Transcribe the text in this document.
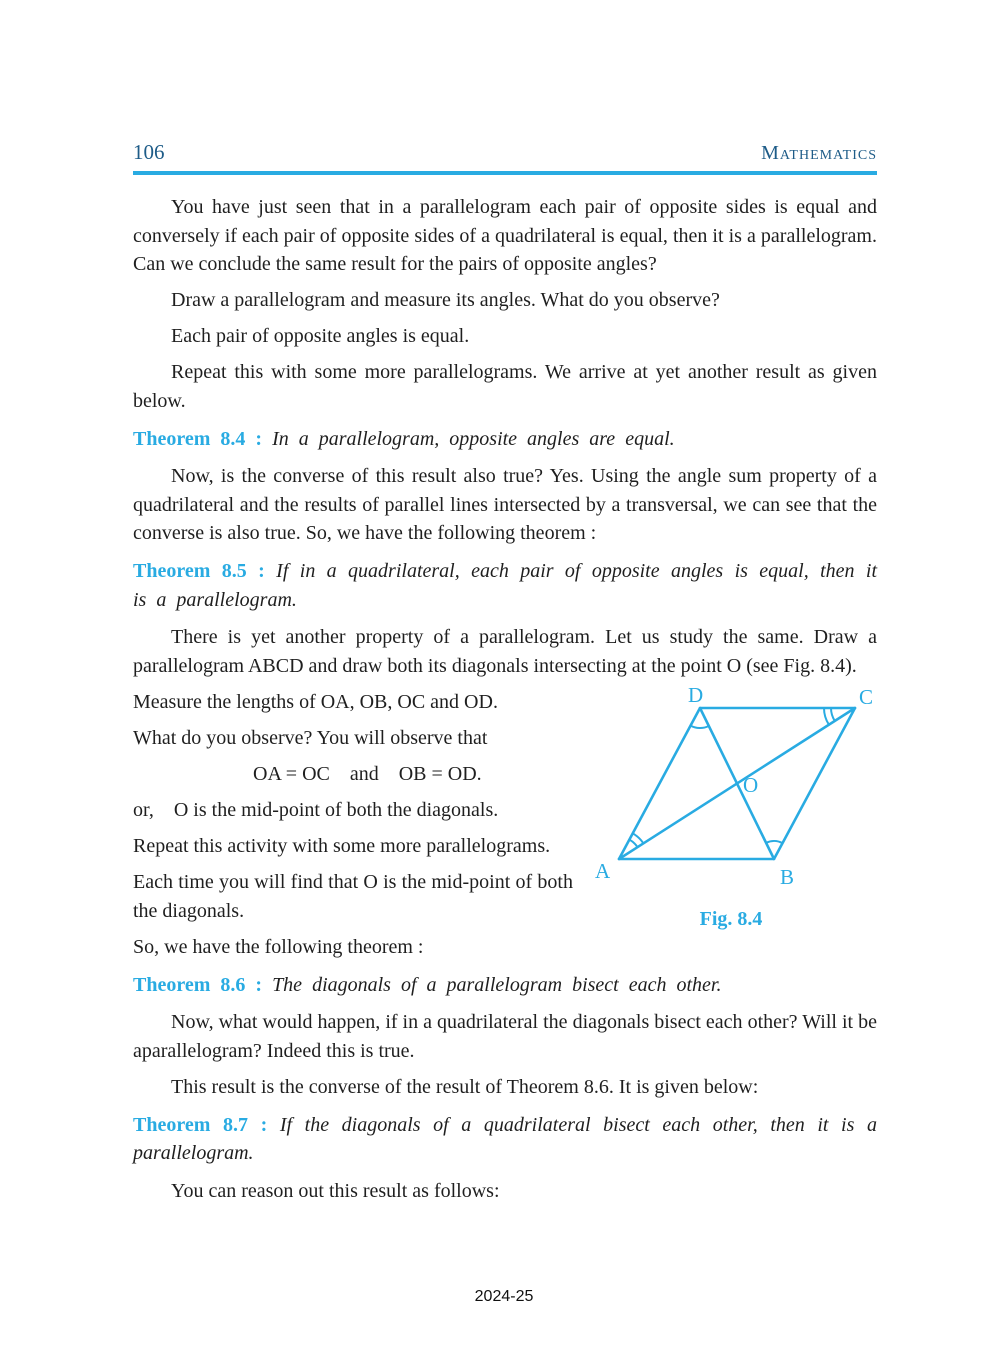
106	Mathematics

You have just seen that in a parallelogram each pair of opposite sides is equal and conversely if each pair of opposite sides of a quadrilateral is equal, then it is a parallelogram. Can we conclude the same result for the pairs of opposite angles?

Draw a parallelogram and measure its angles. What do you observe?

Each pair of opposite angles is equal.

Repeat this with some more parallelograms. We arrive at yet another result as given below.

Theorem 8.4 : In a parallelogram, opposite angles are equal.

Now, is the converse of this result also true? Yes. Using the angle sum property of a quadrilateral and the results of parallel lines intersected by a transversal, we can see that the converse is also true. So, we have the following theorem :

Theorem 8.5 : If in a quadrilateral, each pair of opposite angles is equal, then it is a parallelogram.

There is yet another property of a parallelogram. Let us study the same. Draw a parallelogram ABCD and draw both its diagonals intersecting at the point O
A	B
C
D
O
Fig. 8.4
(see Fig. 8.4).

Measure the lengths of OA, OB, OC and OD.

What do you observe? You will observe that

OA = OC    and    OB = OD.

or,    O is the mid-point of both the diagonals.

Repeat this activity with some more parallelograms.

Each time you will find that O is the mid-point of both the diagonals.

So, we have the following theorem :

Theorem 8.6 : The diagonals of a parallelogram bisect each other.

Now, what would happen, if in a quadrilateral the diagonals bisect each other? Will it be aparallelogram? Indeed this is true.

This result is the converse of the result of Theorem 8.6. It is given below:

Theorem 8.7 : If the diagonals of a quadrilateral bisect each other, then it is a parallelogram.

You can reason out this result as follows:

2024-25
